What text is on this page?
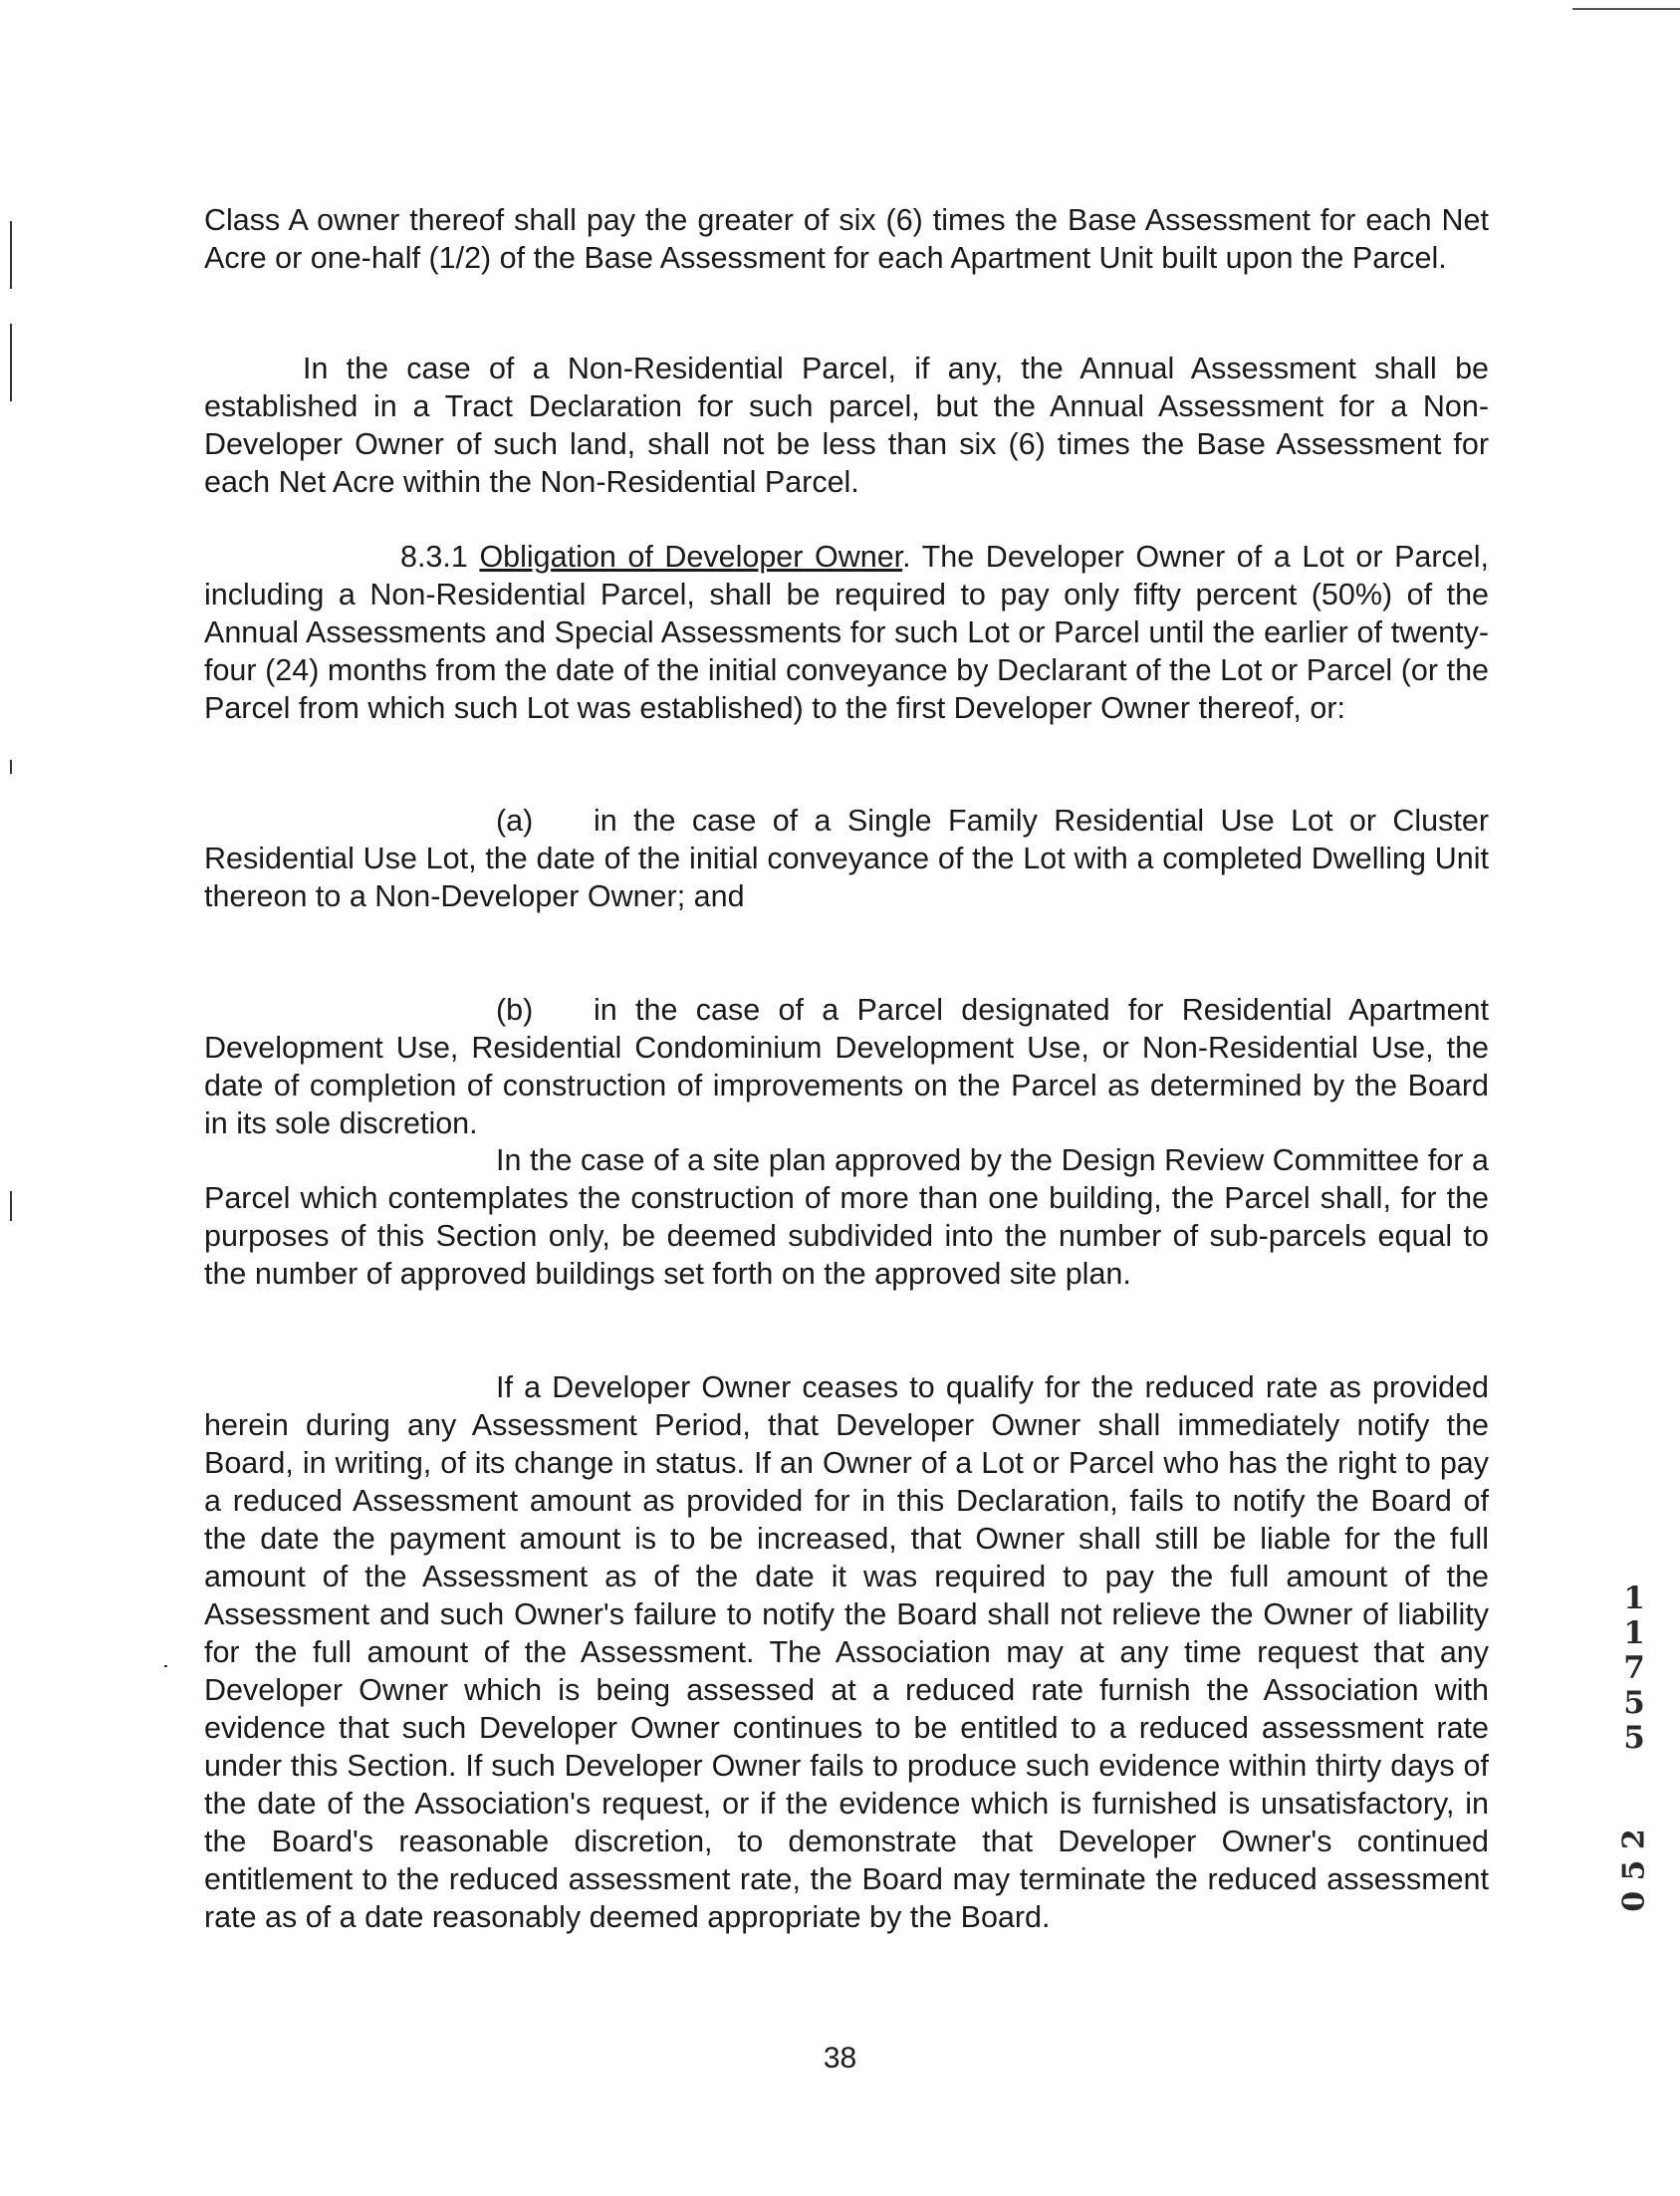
Class A owner thereof shall pay the greater of six (6) times the Base Assessment for each Net Acre or one-half (1/2) of the Base Assessment for each Apartment Unit built upon the Parcel.

In the case of a Non-Residential Parcel, if any, the Annual Assessment shall be established in a Tract Declaration for such parcel, but the Annual Assessment for a Non-Developer Owner of such land, shall not be less than six (6) times the Base Assessment for each Net Acre within the Non-Residential Parcel.

8.3.1 Obligation of Developer Owner. The Developer Owner of a Lot or Parcel, including a Non-Residential Parcel, shall be required to pay only fifty percent (50%) of the Annual Assessments and Special Assessments for such Lot or Parcel until the earlier of twenty-four (24) months from the date of the initial conveyance by Declarant of the Lot or Parcel (or the Parcel from which such Lot was established) to the first Developer Owner thereof, or:

(a) in the case of a Single Family Residential Use Lot or Cluster Residential Use Lot, the date of the initial conveyance of the Lot with a completed Dwelling Unit thereon to a Non-Developer Owner; and

(b) in the case of a Parcel designated for Residential Apartment Development Use, Residential Condominium Development Use, or Non-Residential Use, the date of completion of construction of improvements on the Parcel as determined by the Board in its sole discretion.

In the case of a site plan approved by the Design Review Committee for a Parcel which contemplates the construction of more than one building, the Parcel shall, for the purposes of this Section only, be deemed subdivided into the number of sub-parcels equal to the number of approved buildings set forth on the approved site plan.

If a Developer Owner ceases to qualify for the reduced rate as provided herein during any Assessment Period, that Developer Owner shall immediately notify the Board, in writing, of its change in status. If an Owner of a Lot or Parcel who has the right to pay a reduced Assessment amount as provided for in this Declaration, fails to notify the Board of the date the payment amount is to be increased, that Owner shall still be liable for the full amount of the Assessment as of the date it was required to pay the full amount of the Assessment and such Owner's failure to notify the Board shall not relieve the Owner of liability for the full amount of the Assessment. The Association may at any time request that any Developer Owner which is being assessed at a reduced rate furnish the Association with evidence that such Developer Owner continues to be entitled to a reduced assessment rate under this Section. If such Developer Owner fails to produce such evidence within thirty days of the date of the Association's request, or if the evidence which is furnished is unsatisfactory, in the Board's reasonable discretion, to demonstrate that Developer Owner's continued entitlement to the reduced assessment rate, the Board may terminate the reduced assessment rate as of a date reasonably deemed appropriate by the Board.

1
1
7
5
5
0 5 2

38
